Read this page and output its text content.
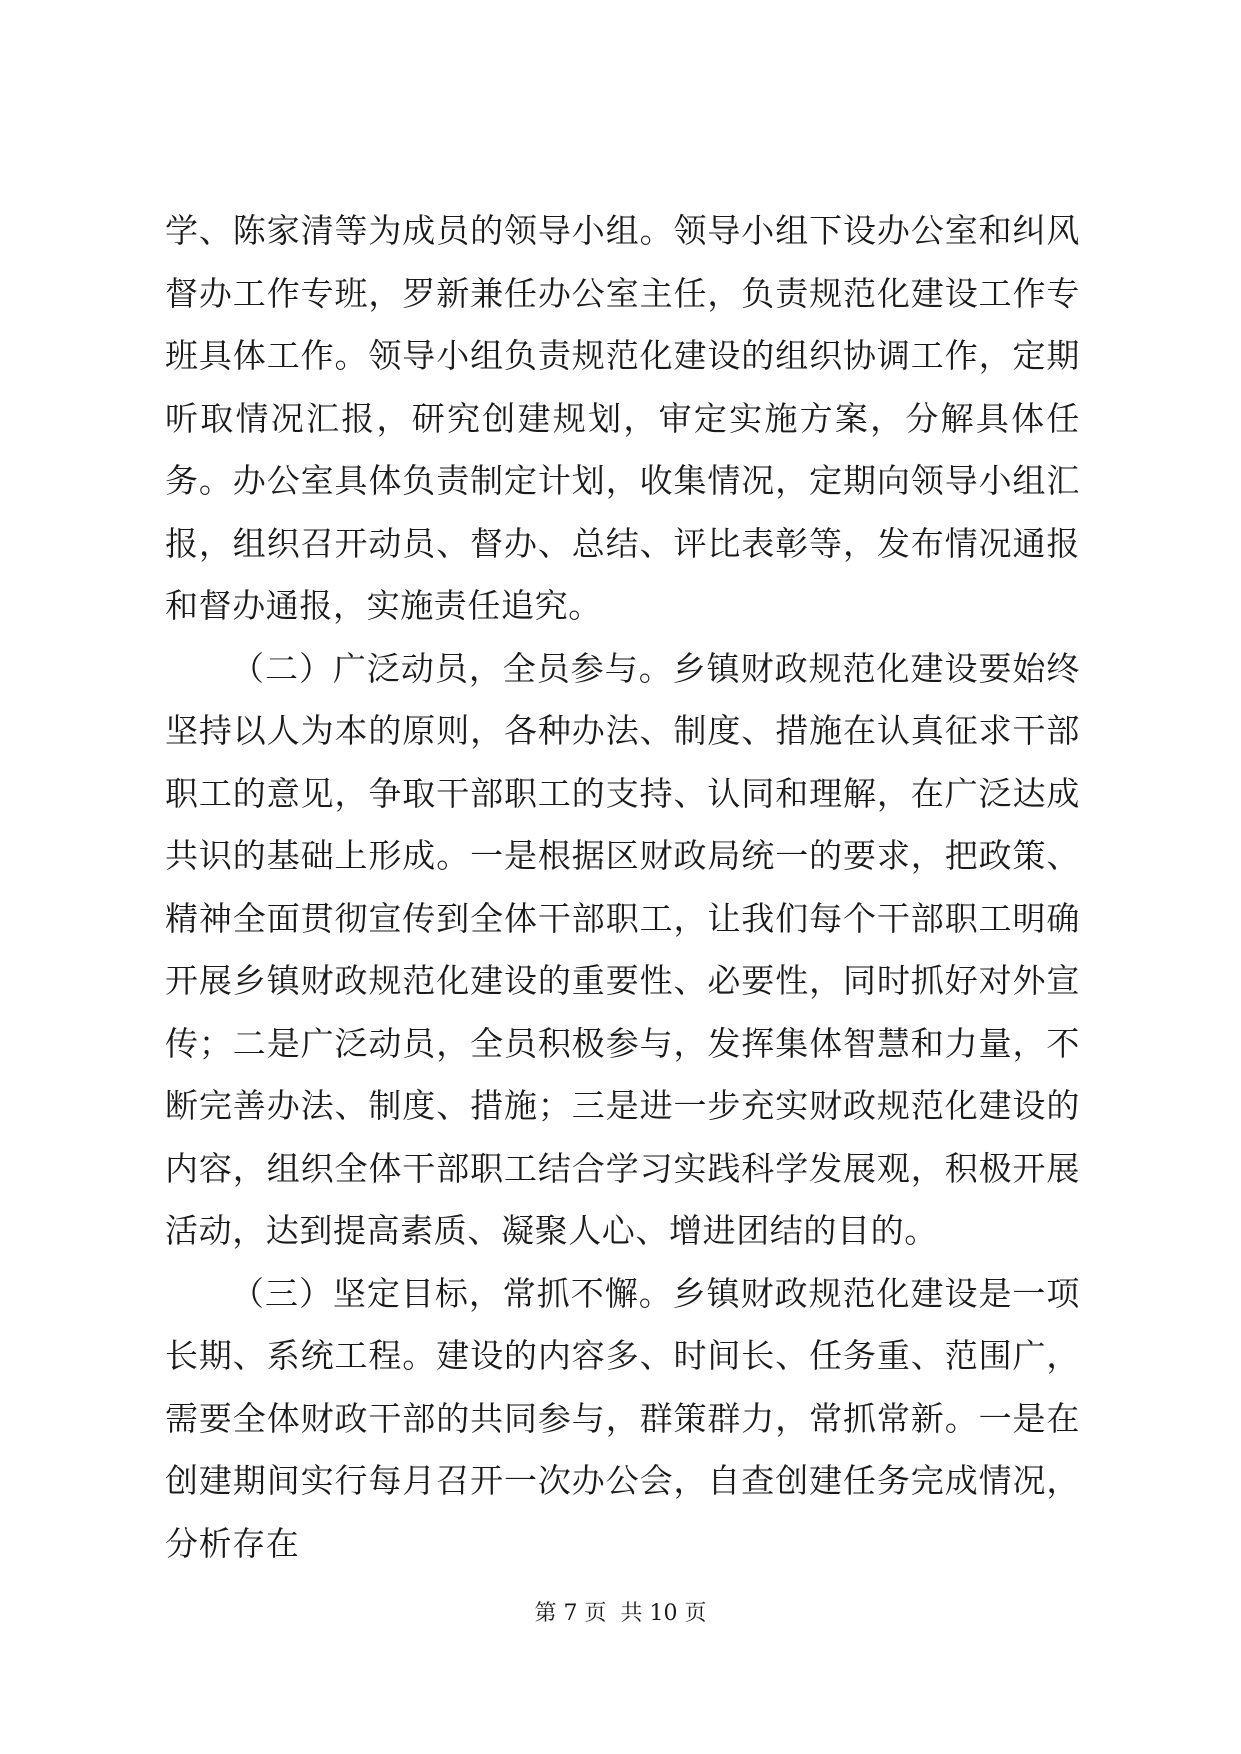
学、陈家清等为成员的领导小组。领导小组下设办公室和纠风督办工作专班，罗新兼任办公室主任，负责规范化建设工作专班具体工作。领导小组负责规范化建设的组织协调工作，定期听取情况汇报，研究创建规划，审定实施方案，分解具体任务。办公室具体负责制定计划，收集情况，定期向领导小组汇报，组织召开动员、督办、总结、评比表彰等，发布情况通报和督办通报，实施责任追究。

（二）广泛动员，全员参与。乡镇财政规范化建设要始终坚持以人为本的原则，各种办法、制度、措施在认真征求干部职工的意见，争取干部职工的支持、认同和理解，在广泛达成共识的基础上形成。一是根据区财政局统一的要求，把政策、精神全面贯彻宣传到全体干部职工，让我们每个干部职工明确开展乡镇财政规范化建设的重要性、必要性，同时抓好对外宣传；二是广泛动员，全员积极参与，发挥集体智慧和力量，不断完善办法、制度、措施；三是进一步充实财政规范化建设的内容，组织全体干部职工结合学习实践科学发展观，积极开展活动，达到提高素质、凝聚人心、增进团结的目的。

（三）坚定目标，常抓不懈。乡镇财政规范化建设是一项长期、系统工程。建设的内容多、时间长、任务重、范围广，需要全体财政干部的共同参与，群策群力，常抓常新。一是在创建期间实行每月召开一次办公会，自查创建任务完成情况，分析存在

第 7 页  共 10 页
